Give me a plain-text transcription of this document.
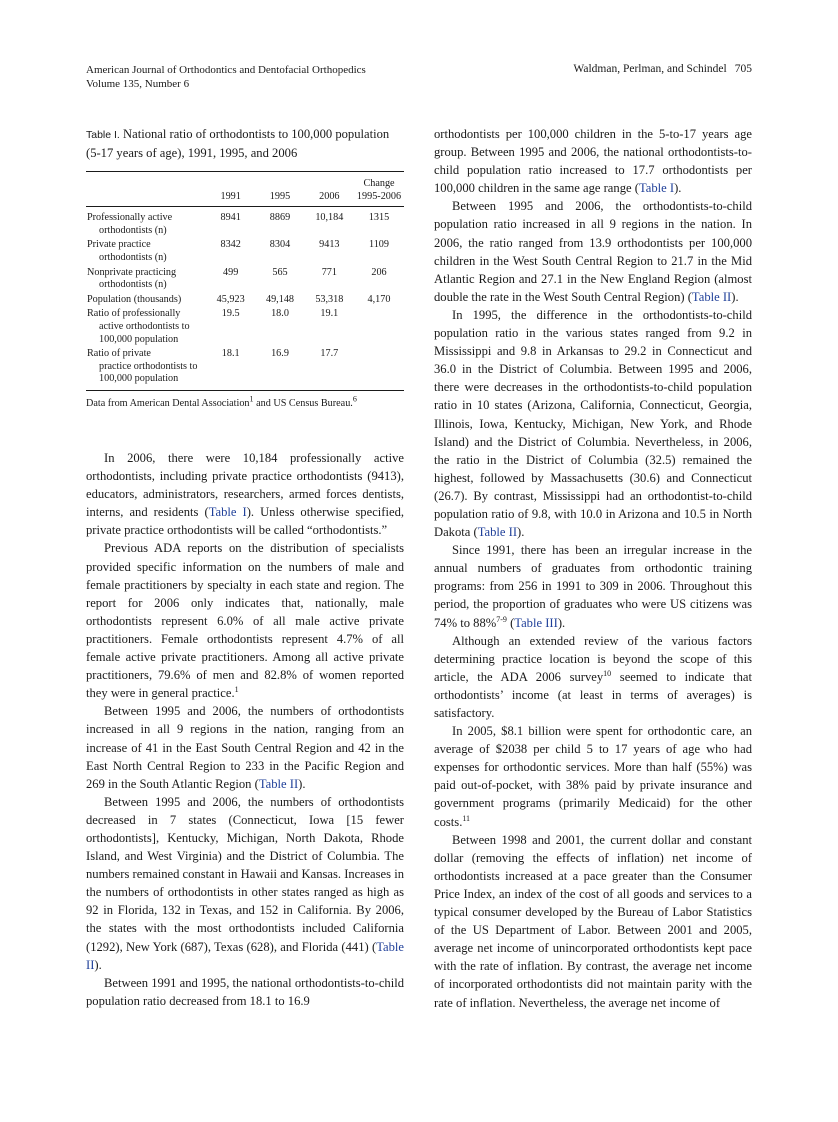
American Journal of Orthodontics and Dentofacial Orthopedics
Volume 135, Number 6
Waldman, Perlman, and Schindel 705
Table I. National ratio of orthodontists to 100,000 population (5-17 years of age), 1991, 1995, and 2006

	1991	1995	2006	Change 1995-2006
Professionally active
orthodontists (n)	8941	8869	10,184	1315
Private practice
orthodontists (n)	8342	8304	9413	1109
Nonprivate practicing
orthodontists (n)	499	565	771	206
Population (thousands)	45,923	49,148	53,318	4,170
Ratio of professionally
active orthodontists to 100,000 population	19.5	18.0	19.1	
Ratio of private
practice orthodontists to 100,000 population	18.1	16.9	17.7	
Data from American Dental Association$^1$ and US Census Bureau.$^6$

In 2006, there were 10,184 professionally active orthodontists, including private practice orthodontists (9413), educators, administrators, researchers, armed forces dentists, interns, and residents (Table I). Unless otherwise specified, private practice orthodontists will be called “orthodontists.”

Previous ADA reports on the distribution of specialists provided specific information on the numbers of male and female practitioners by specialty in each state and region. The report for 2006 only indicates that, nationally, male orthodontists represent 6.0% of all male active private practitioners. Female orthodontists represent 4.7% of all female active private practitioners. Among all active private practitioners, 79.6% of men and 82.8% of women reported they were in general practice.$^1$

Between 1995 and 2006, the numbers of orthodontists increased in all 9 regions in the nation, ranging from an increase of 41 in the East South Central Region and 42 in the East North Central Region to 233 in the Pacific Region and 269 in the South Atlantic Region (Table II).

Between 1995 and 2006, the numbers of orthodontists decreased in 7 states (Connecticut, Iowa [15 fewer orthodontists], Kentucky, Michigan, North Dakota, Rhode Island, and West Virginia) and the District of Columbia. The numbers remained constant in Hawaii and Kansas. Increases in the numbers of orthodontists in other states ranged as high as 92 in Florida, 132 in Texas, and 152 in California. By 2006, the states with the most orthodontists included California (1292), New York (687), Texas (628), and Florida (441) (Table II).

Between 1991 and 1995, the national orthodontists-to-child population ratio decreased from 18.1 to 16.9

orthodontists per 100,000 children in the 5-to-17 years age group. Between 1995 and 2006, the national orthodontists-to-child population ratio increased to 17.7 orthodontists per 100,000 children in the same age range (Table I).

Between 1995 and 2006, the orthodontists-to-child population ratio increased in all 9 regions in the nation. In 2006, the ratio ranged from 13.9 orthodontists per 100,000 children in the West South Central Region to 21.7 in the Mid Atlantic Region and 27.1 in the New England Region (almost double the rate in the West South Central Region) (Table II).

In 1995, the difference in the orthodontists-to-child population ratio in the various states ranged from 9.2 in Mississippi and 9.8 in Arkansas to 29.2 in Connecticut and 36.0 in the District of Columbia. Between 1995 and 2006, there were decreases in the orthodontists-to-child population ratio in 10 states (Arizona, California, Connecticut, Georgia, Illinois, Iowa, Kentucky, Michigan, New York, and Rhode Island) and the District of Columbia. Nevertheless, in 2006, the ratio in the District of Columbia (32.5) remained the highest, followed by Massachusetts (30.6) and Connecticut (26.7). By contrast, Mississippi had an orthodontist-to-child population ratio of 9.8, with 10.0 in Arizona and 10.5 in North Dakota (Table II).

Since 1991, there has been an irregular increase in the annual numbers of graduates from orthodontic training programs: from 256 in 1991 to 309 in 2006. Throughout this period, the proportion of graduates who were US citizens was 74% to 88%$^{7-9}$ (Table III).

Although an extended review of the various factors determining practice location is beyond the scope of this article, the ADA 2006 survey$^{10}$ seemed to indicate that orthodontists’ income (at least in terms of averages) is satisfactory.

In 2005, $8.1 billion were spent for orthodontic care, an average of $2038 per child 5 to 17 years of age who had expenses for orthodontic services. More than half (55%) was paid out-of-pocket, with 38% paid by private insurance and government programs (primarily Medicaid) for the other costs.$^{11}$

Between 1998 and 2001, the current dollar and constant dollar (removing the effects of inflation) net income of orthodontists increased at a pace greater than the Consumer Price Index, an index of the cost of all goods and services to a typical consumer developed by the Bureau of Labor Statistics of the US Department of Labor. Between 2001 and 2005, average net income of unincorporated orthodontists kept pace with the rate of inflation. By contrast, the average net income of incorporated orthodontists did not maintain parity with the rate of inflation. Nevertheless, the average net income of
